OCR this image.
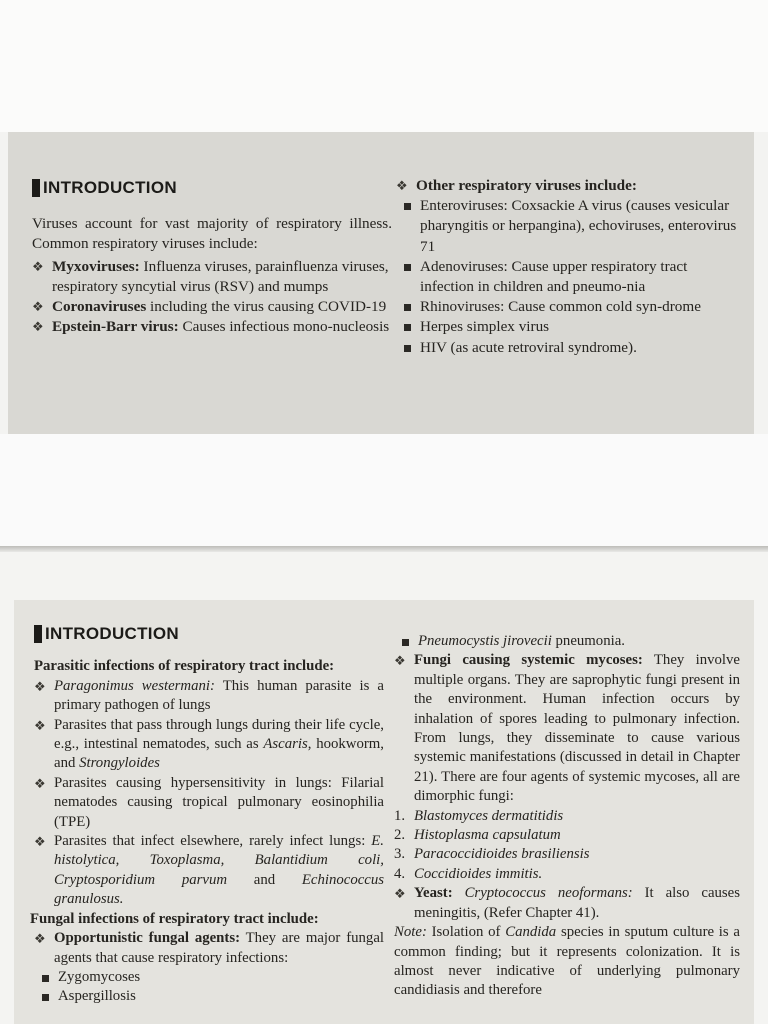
INTRODUCTION

Viruses account for vast majority of respiratory illness. Common respiratory viruses include:

❖ Myxoviruses: Influenza viruses, parainfluenza viruses, respiratory syncytial virus (RSV) and mumps
❖ Coronaviruses including the virus causing COVID-19
❖ Epstein-Barr virus: Causes infectious mono-nucleosis
❖ Other respiratory viruses include:
Enteroviruses: Coxsackie A virus (causes vesicular pharyngitis or herpangina), echoviruses, enterovirus 71
Adenoviruses: Cause upper respiratory tract infection in children and pneumo-nia
Rhinoviruses: Cause common cold syn-drome
Herpes simplex virus
HIV (as acute retroviral syndrome).
INTRODUCTION

Parasitic infections of respiratory tract include:

❖ Paragonimus westermani: This human parasite is a primary pathogen of lungs
❖ Parasites that pass through lungs during their life cycle, e.g., intestinal nematodes, such as Ascaris, hookworm, and Strongyloides
❖ Parasites causing hypersensitivity in lungs: Filarial nematodes causing tropical pulmonary eosinophilia (TPE)
❖ Parasites that infect elsewhere, rarely infect lungs: E. histolytica, Toxoplasma, Balantidium coli, Cryptosporidium parvum and Echinococcus granulosus.

Fungal infections of respiratory tract include:

❖ Opportunistic fungal agents: They are major fungal agents that cause respiratory infections:
Zygomycoses
Aspergillosis
Pneumocystis jirovecii pneumonia.
❖ Fungi causing systemic mycoses: They involve multiple organs. They are saprophytic fungi present in the environment. Human infection occurs by inhalation of spores leading to pulmonary infection. From lungs, they disseminate to cause various systemic manifestations (discussed in detail in Chapter 21). There are four agents of systemic mycoses, all are dimorphic fungi:
1. Blastomyces dermatitidis
2. Histoplasma capsulatum
3. Paracoccidioides brasiliensis
4. Coccidioides immitis.
❖ Yeast: Cryptococcus neoformans: It also causes meningitis, (Refer Chapter 41).

Note: Isolation of Candida species in sputum culture is a common finding; but it represents colonization. It is almost never indicative of underlying pulmonary candidiasis and therefore
